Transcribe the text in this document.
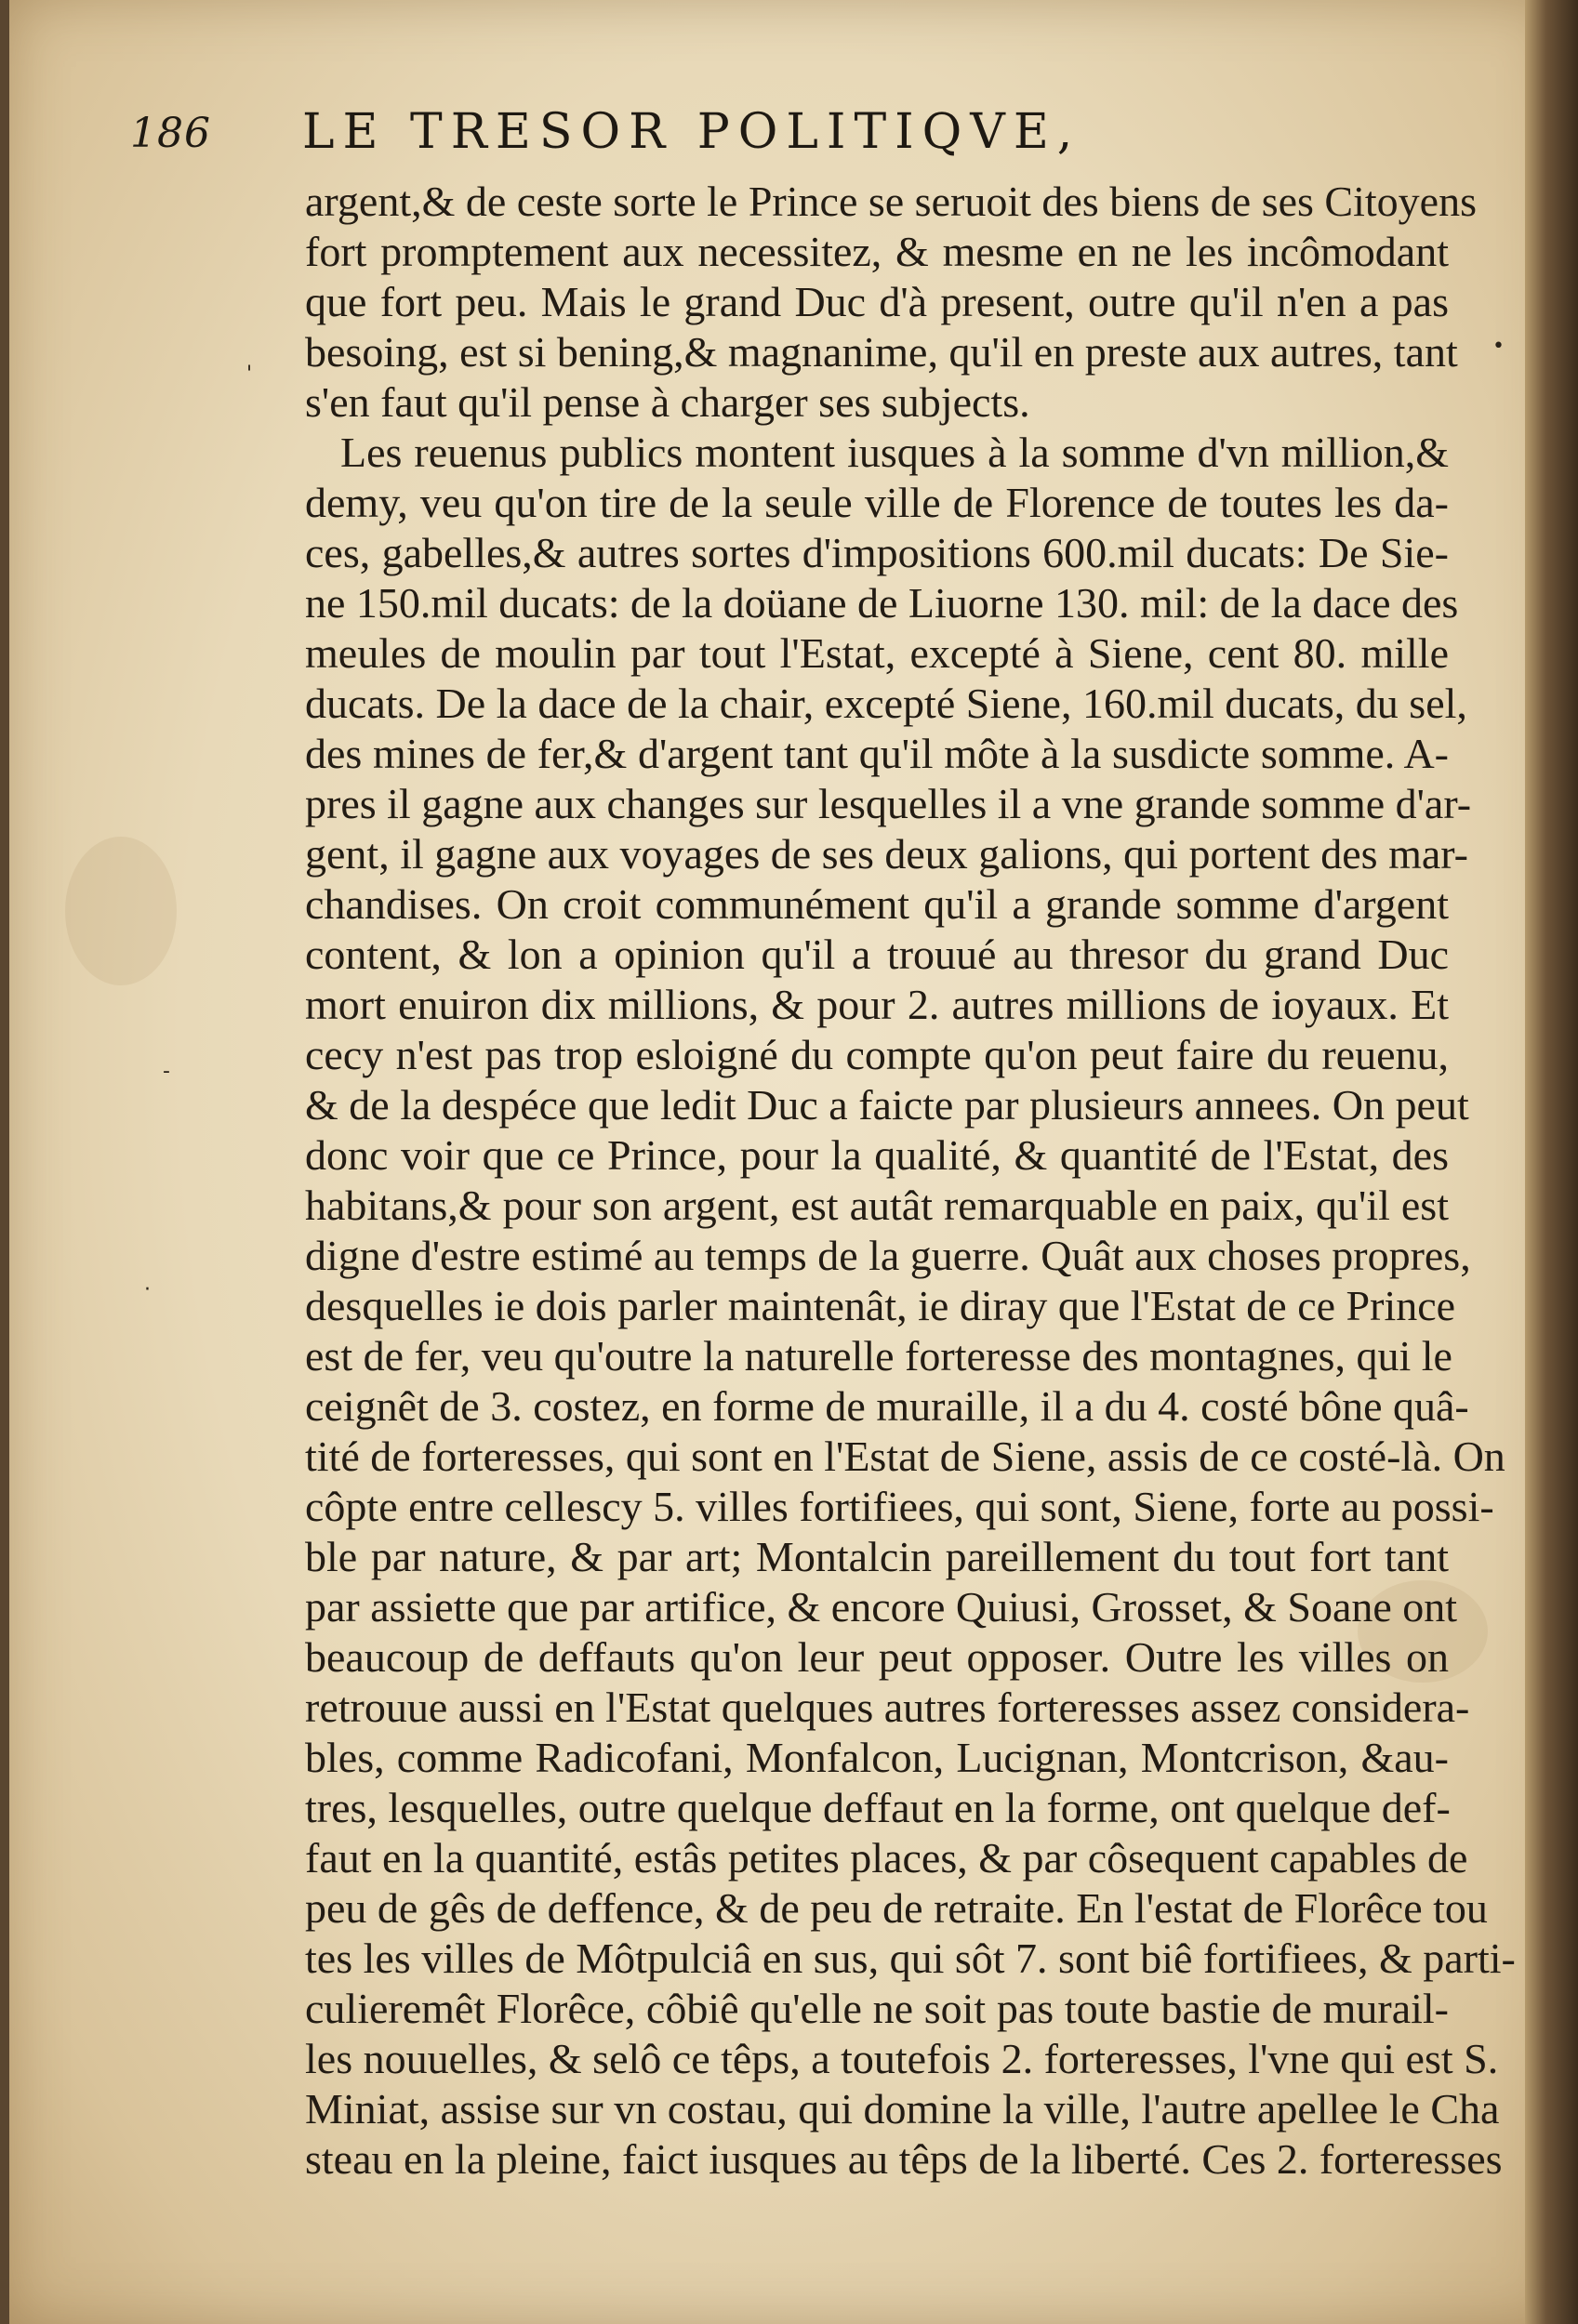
186 LE TRESOR POLITIQVE,
'
-
·
•
argent,& de ceste sorte le Prince se seruoit des biens de ses Citoyens
fort promptement aux necessitez, & mesme en ne les incômodant
que fort peu. Mais le grand Duc d'à present, outre qu'il n'en a pas
besoing, est si bening,& magnanime, qu'il en preste aux autres, tant
s'en faut qu'il pense à charger ses subjects.
Les reuenus publics montent iusques à la somme d'vn million,&
demy, veu qu'on tire de la seule ville de Florence de toutes les da-
ces, gabelles,& autres sortes d'impositions 600.mil ducats: De Sie-
ne 150.mil ducats: de la doüane de Liuorne 130. mil: de la dace des
meules de moulin par tout l'Estat, excepté à Siene, cent 80. mille
ducats. De la dace de la chair, excepté Siene, 160.mil ducats, du sel,
des mines de fer,& d'argent tant qu'il môte à la susdicte somme. A-
pres il gagne aux changes sur lesquelles il a vne grande somme d'ar-
gent, il gagne aux voyages de ses deux galions, qui portent des mar-
chandises. On croit communément qu'il a grande somme d'argent
content, & lon a opinion qu'il a trouué au thresor du grand Duc
mort enuiron dix millions, & pour 2. autres millions de ioyaux. Et
cecy n'est pas trop esloigné du compte qu'on peut faire du reuenu,
& de la despéce que ledit Duc a faicte par plusieurs annees. On peut
donc voir que ce Prince, pour la qualité, & quantité de l'Estat, des
habitans,& pour son argent, est autât remarquable en paix, qu'il est
digne d'estre estimé au temps de la guerre. Quât aux choses propres,
desquelles ie dois parler maintenât, ie diray que l'Estat de ce Prince
est de fer, veu qu'outre la naturelle forteresse des montagnes, qui le
ceignêt de 3. costez, en forme de muraille, il a du 4. costé bône quâ-
tité de forteresses, qui sont en l'Estat de Siene, assis de ce costé-là. On
côpte entre cellescy 5. villes fortifiees, qui sont, Siene, forte au possi-
ble par nature, & par art; Montalcin pareillement du tout fort tant
par assiette que par artifice, & encore Quiusi, Grosset, & Soane ont
beaucoup de deffauts qu'on leur peut opposer. Outre les villes on
retrouue aussi en l'Estat quelques autres forteresses assez considera-
bles, comme Radicofani, Monfalcon, Lucignan, Montcrison, &au-
tres, lesquelles, outre quelque deffaut en la forme, ont quelque def-
faut en la quantité, estâs petites places, & par côsequent capables de
peu de gês de deffence, & de peu de retraite. En l'estat de Florêce tou
tes les villes de Môtpulciâ en sus, qui sôt 7. sont biê fortifiees, & parti-
culieremêt Florêce, côbiê qu'elle ne soit pas toute bastie de murail-
les nouuelles, & selô ce têps, a toutefois 2. forteresses, l'vne qui est S.
Miniat, assise sur vn costau, qui domine la ville, l'autre apellee le Cha
steau en la pleine, faict iusques au têps de la liberté. Ces 2. forteresses
